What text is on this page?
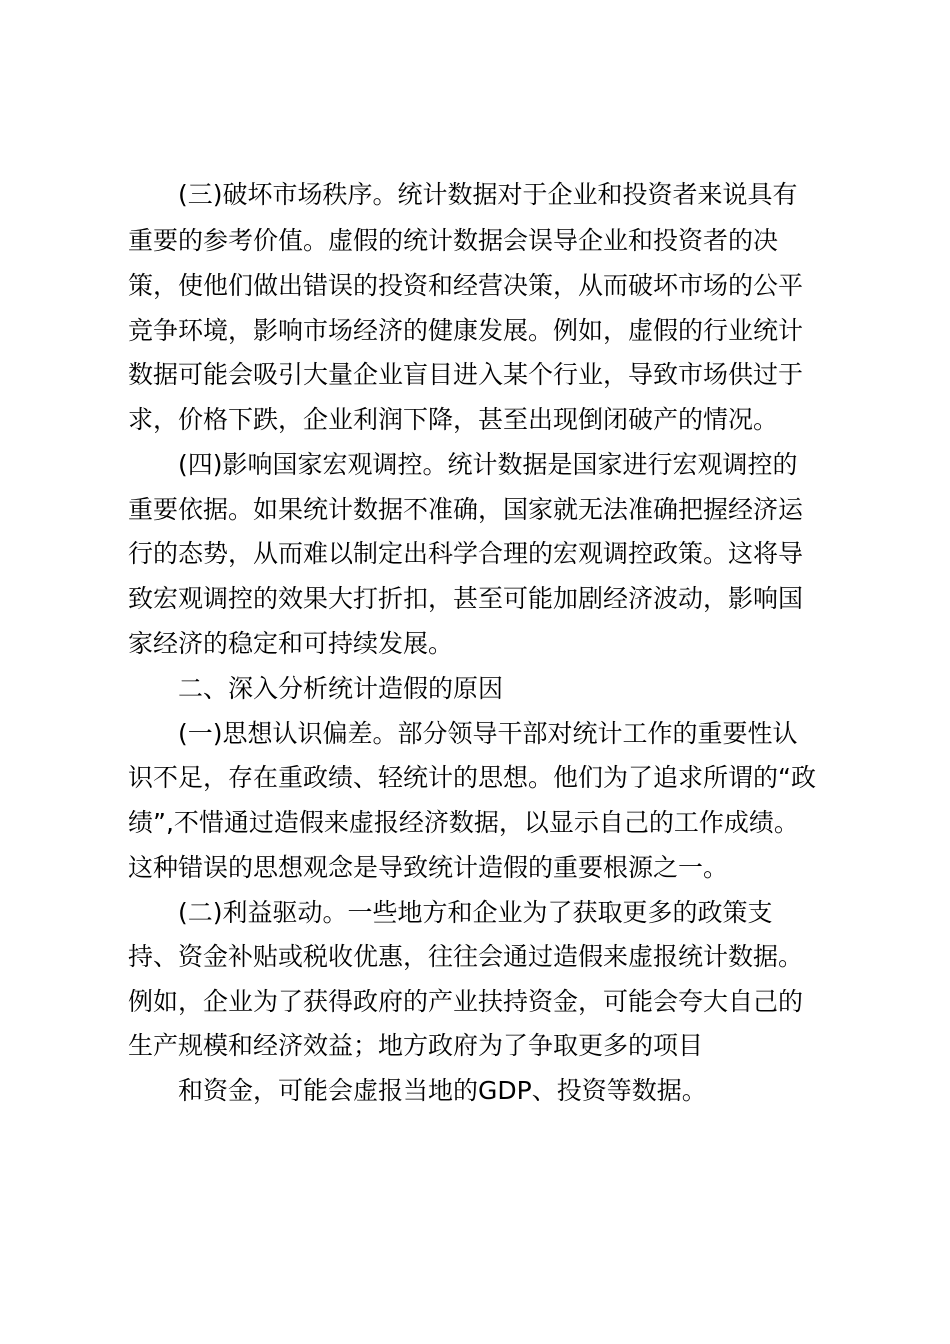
(三)破坏市场秩序。统计数据对于企业和投资者来说具有

重要的参考价值。虚假的统计数据会误导企业和投资者的决

策，使他们做出错误的投资和经营决策，从而破坏市场的公平

竞争环境，影响市场经济的健康发展。例如，虚假的行业统计

数据可能会吸引大量企业盲目进入某个行业，导致市场供过于

求，价格下跌，企业利润下降，甚至出现倒闭破产的情况。

(四)影响国家宏观调控。统计数据是国家进行宏观调控的

重要依据。如果统计数据不准确，国家就无法准确把握经济运

行的态势，从而难以制定出科学合理的宏观调控政策。这将导

致宏观调控的效果大打折扣，甚至可能加剧经济波动，影响国

家经济的稳定和可持续发展。

二、深入分析统计造假的原因

(一)思想认识偏差。部分领导干部对统计工作的重要性认

识不足，存在重政绩、轻统计的思想。他们为了追求所谓的“政

绩”,不惜通过造假来虚报经济数据，以显示自己的工作成绩。

这种错误的思想观念是导致统计造假的重要根源之一。

(二)利益驱动。一些地方和企业为了获取更多的政策支

持、资金补贴或税收优惠，往往会通过造假来虚报统计数据。

例如，企业为了获得政府的产业扶持资金，可能会夸大自己的

生产规模和经济效益；地方政府为了争取更多的项目

和资金，可能会虚报当地的GDP、投资等数据。
